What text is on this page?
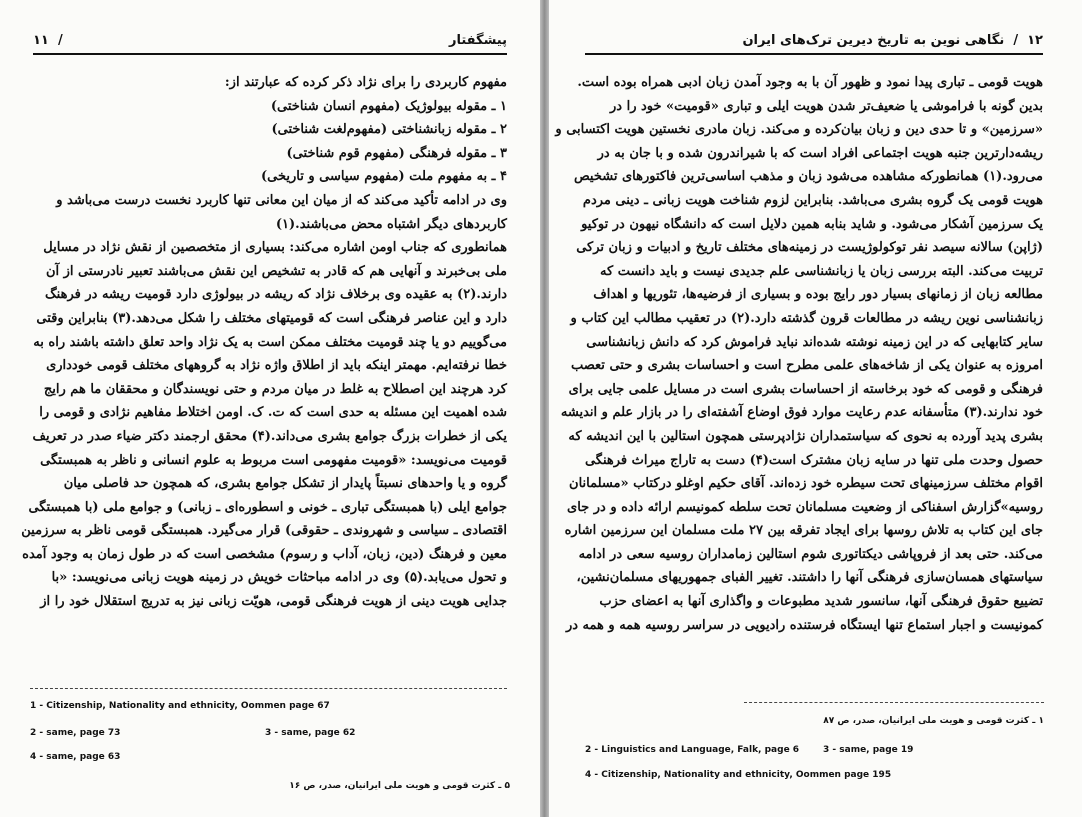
پیشگفتار
/  ۱۱
مفهوم کاربردی را برای نژاد ذکر کرده که عبارتند از:
۱ ـ مقوله بیولوژیک (مفهوم انسان شناختی)
۲ ـ مقوله زبانشناختی (مفهوم‌لغت شناختی)
۳ ـ مقوله فرهنگی (مفهوم قوم شناختی)
۴ ـ به مفهوم ملت (مفهوم سیاسی و تاریخی)
وی در ادامه تأکید می‌کند که از میان این معانی تنها کاربرد نخست درست می‌باشد و
کاربردهای دیگر اشتباه محض می‌باشند.(۱)
همانطوری که جناب اومن اشاره می‌کند: بسیاری از متخصصین از نقش نژاد در مسایل
ملی بی‌خبرند و آنهایی هم که قادر به تشخیص این نقش می‌باشند تعبیر نادرستی از آن
دارند.(۲) به عقیده وی برخلاف نژاد که ریشه در بیولوژی دارد قومیت ریشه در فرهنگ
دارد و این عناصر فرهنگی است که قومیتهای مختلف را شکل می‌دهد.(۳) بنابراین وقتی
می‌گوییم دو یا چند قومیت مختلف ممکن است به یک نژاد واحد تعلق داشته باشند راه به
خطا نرفته‌ایم. مهمتر اینکه باید از اطلاق واژه نژاد به گروههای مختلف قومی خودداری
کرد هرچند این اصطلاح به غلط در میان مردم و حتی نویسندگان و محققان ما هم رایج
شده اهمیت این مسئله به حدی است که ت. ک. اومن اختلاط مفاهیم نژادی و قومی را
یکی از خطرات بزرگ جوامع بشری می‌داند.(۴) محقق ارجمند دکتر ضیاء صدر در تعریف
قومیت می‌نویسد: «قومیت مفهومی است مربوط به علوم انسانی و ناظر به همبستگی
گروه و یا واحدهای نسبتاً پایدار از تشکل جوامع بشری، که همچون حد فاصلی میان
جوامع ایلی (با همبستگی تباری ـ خونی و اسطوره‌ای ـ زبانی) و جوامع ملی (با همبستگی
اقتصادی ـ سیاسی و شهروندی ـ حقوقی) قرار می‌گیرد. همبستگی قومی ناظر به سرزمین
معین و فرهنگ (دین، زبان، آداب و رسوم) مشخصی است که در طول زمان به وجود آمده
و تحول می‌یابد.(۵) وی در ادامه مباحثات خویش در زمینه هویت زبانی می‌نویسد: «با
جدایی هویت دینی از هویت فرهنگی قومی، هویّت زبانی نیز به تدریج استقلال خود را از
1 - Citizenship, Nationality and ethnicity, Oommen page 67
2 - same, page 73	3 - same, page 62
4 - same, page 63
۵ ـ کثرت قومی و هویت ملی ایرانیان، صدر، ص ۱۶
۱۲  /  نگاهی نوین به تاریخ دیرین ترک‌های ایران
هویت قومی ـ تباری پیدا نمود و ظهور آن با به وجود آمدن زبان ادبی همراه بوده است.
بدین گونه با فراموشی یا ضعیف‌تر شدن هویت ایلی و تباری «قومیت» خود را در
«سرزمین» و تا حدی دین و زبان بیان‌کرده و می‌کند. زبان مادری نخستین هویت اکتسابی و
ریشه‌دارترین جنبه هویت اجتماعی افراد است که با شیراندرون شده و با جان به در
می‌رود.(۱) همانطورکه مشاهده می‌شود زبان و مذهب اساسی‌ترین فاکتورهای تشخیص
هویت قومی یک گروه بشری می‌باشد. بنابراین لزوم شناخت هویت زبانی ـ دینی مردم
یک سرزمین آشکار می‌شود. و شاید بنابه همین دلایل است که دانشگاه نیهون در توکیو
(ژاپن) سالانه سیصد نفر توکولوژیست در زمینه‌های مختلف تاریخ و ادبیات و زبان ترکی
تربیت می‌کند. البته بررسی زبان یا زبانشناسی علم جدیدی نیست و باید دانست که
مطالعه زبان از زمانهای بسیار دور رایج بوده و بسیاری از فرضیه‌ها، تئوریها و اهداف
زبانشناسی نوین ریشه در مطالعات قرون گذشته دارد.(۲) در تعقیب مطالب این کتاب و
سایر کتابهایی که در این زمینه نوشته شده‌اند نباید فراموش کرد که دانش زبانشناسی
امروزه به عنوان یکی از شاخه‌های علمی مطرح است و احساسات بشری و حتی تعصب
فرهنگی و قومی که خود برخاسته از احساسات بشری است در مسایل علمی جایی برای
خود ندارند.(۳) متأسفانه عدم رعایت موارد فوق اوضاع آشفته‌ای را در بازار علم و اندیشه
بشری پدید آورده به نحوی که سیاستمداران نژادپرستی همچون استالین با این اندیشه که
حصول وحدت ملی تنها در سایه زبان مشترک است(۴) دست به تاراج میراث فرهنگی
اقوام مختلف سرزمینهای تحت سیطره خود زده‌اند. آقای حکیم اوغلو درکتاب «مسلمانان
روسیه»گزارش اسفناکی از وضعیت مسلمانان تحت سلطه کمونیسم ارائه داده و در جای
جای این کتاب به تلاش روسها برای ایجاد تفرقه بین ۲۷ ملت مسلمان این سرزمین اشاره
می‌کند. حتی بعد از فروپاشی دیکتاتوری شوم استالین زمامداران روسیه سعی در ادامه
سیاستهای همسان‌سازی فرهنگی آنها را داشتند. تغییر الفبای جمهوریهای مسلمان‌نشین،
تضییع حقوق فرهنگی آنها، سانسور شدید مطبوعات و واگذاری آنها به اعضای حزب
کمونیست و اجبار استماع تنها ایستگاه فرستنده رادیویی در سراسر روسیه همه و همه در
۱ ـ کثرت قومی و هویت ملی ایرانیان، صدر، ص ۸۷
2 - Linguistics and Language, Falk, page 6	3 - same, page 19
4 - Citizenship, Nationality and ethnicity, Oommen page 195
